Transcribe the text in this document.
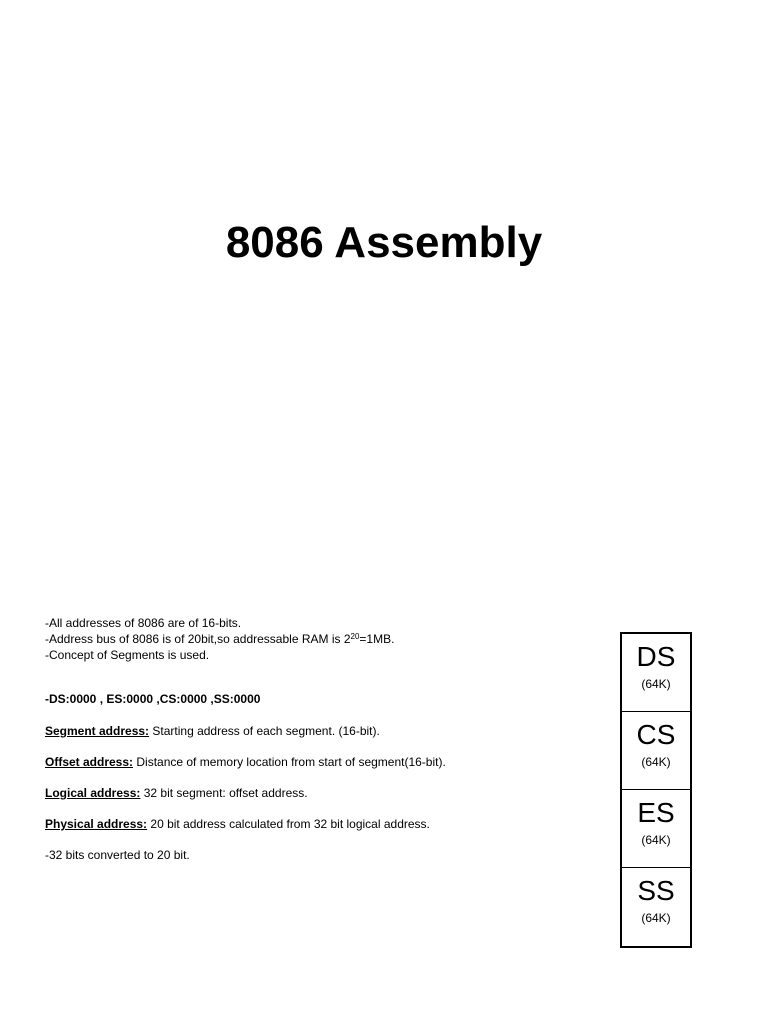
8086 Assembly
-All addresses of 8086 are of 16-bits.
-Address bus of 8086 is of 20bit,so addressable RAM is $2^{20}=1MB$.
-Concept of Segments is used.
-DS:0000 , ES:0000 ,CS:0000 ,SS:0000
Segment address: Starting address of each segment. (16-bit).
Offset address: Distance of memory location from start of segment(16-bit).
Logical address: 32 bit segment: offset address.
Physical address: 20 bit address calculated from 32 bit logical address.
-32 bits converted to 20 bit.
DS
(64K)
CS
(64K)
ES
(64K)
SS
(64K)
